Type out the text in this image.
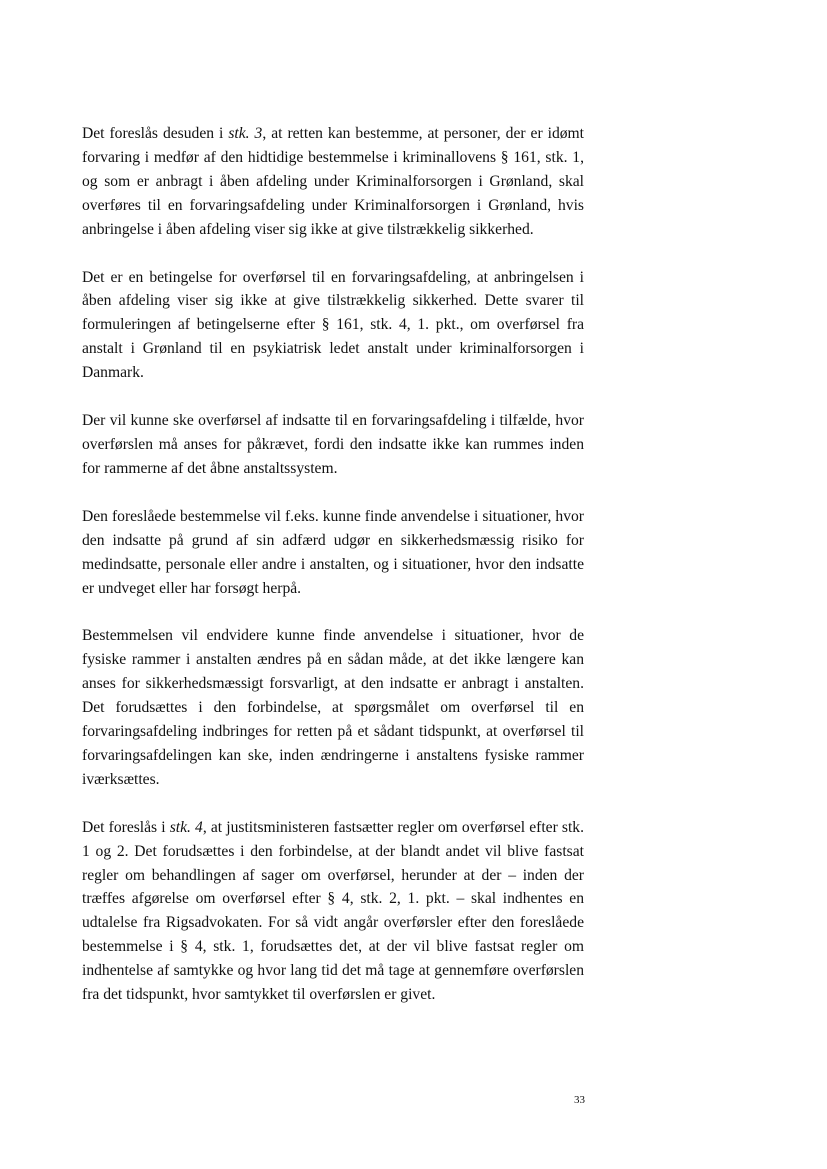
Det foreslås desuden i stk. 3, at retten kan bestemme, at personer, der er idømt forvaring i medfør af den hidtidige bestemmelse i kriminallovens § 161, stk. 1, og som er anbragt i åben afdeling under Kriminalforsorgen i Grønland, skal overføres til en forvaringsafdeling under Kriminalforsorgen i Grønland, hvis anbringelse i åben afdeling viser sig ikke at give tilstrækkelig sikkerhed.

Det er en betingelse for overførsel til en forvaringsafdeling, at anbringelsen i åben afdeling viser sig ikke at give tilstrækkelig sikkerhed. Dette svarer til formuleringen af betingelserne efter § 161, stk. 4, 1. pkt., om overførsel fra anstalt i Grønland til en psykiatrisk ledet anstalt under kriminalforsorgen i Danmark.

Der vil kunne ske overførsel af indsatte til en forvaringsafdeling i tilfælde, hvor overførslen må anses for påkrævet, fordi den indsatte ikke kan rummes inden for rammerne af det åbne anstaltssystem.

Den foreslåede bestemmelse vil f.eks. kunne finde anvendelse i situationer, hvor den indsatte på grund af sin adfærd udgør en sikkerhedsmæssig risiko for medindsatte, personale eller andre i anstalten, og i situationer, hvor den indsatte er undveget eller har forsøgt herpå.

Bestemmelsen vil endvidere kunne finde anvendelse i situationer, hvor de fysiske rammer i anstalten ændres på en sådan måde, at det ikke længere kan anses for sikkerhedsmæssigt forsvarligt, at den indsatte er anbragt i anstalten. Det forudsættes i den forbindelse, at spørgsmålet om overførsel til en forvaringsafdeling indbringes for retten på et sådant tidspunkt, at overførsel til forvaringsafdelingen kan ske, inden ændringerne i anstaltens fysiske rammer iværksættes.

Det foreslås i stk. 4, at justitsministeren fastsætter regler om overførsel efter stk. 1 og 2. Det forudsættes i den forbindelse, at der blandt andet vil blive fastsat regler om behandlingen af sager om overførsel, herunder at der – inden der træffes afgørelse om overførsel efter § 4, stk. 2, 1. pkt. – skal indhentes en udtalelse fra Rigsadvokaten. For så vidt angår overførsler efter den foreslåede bestemmelse i § 4, stk. 1, forudsættes det, at der vil blive fastsat regler om indhentelse af samtykke og hvor lang tid det må tage at gennemføre overførslen fra det tidspunkt, hvor samtykket til overførslen er givet.

33
